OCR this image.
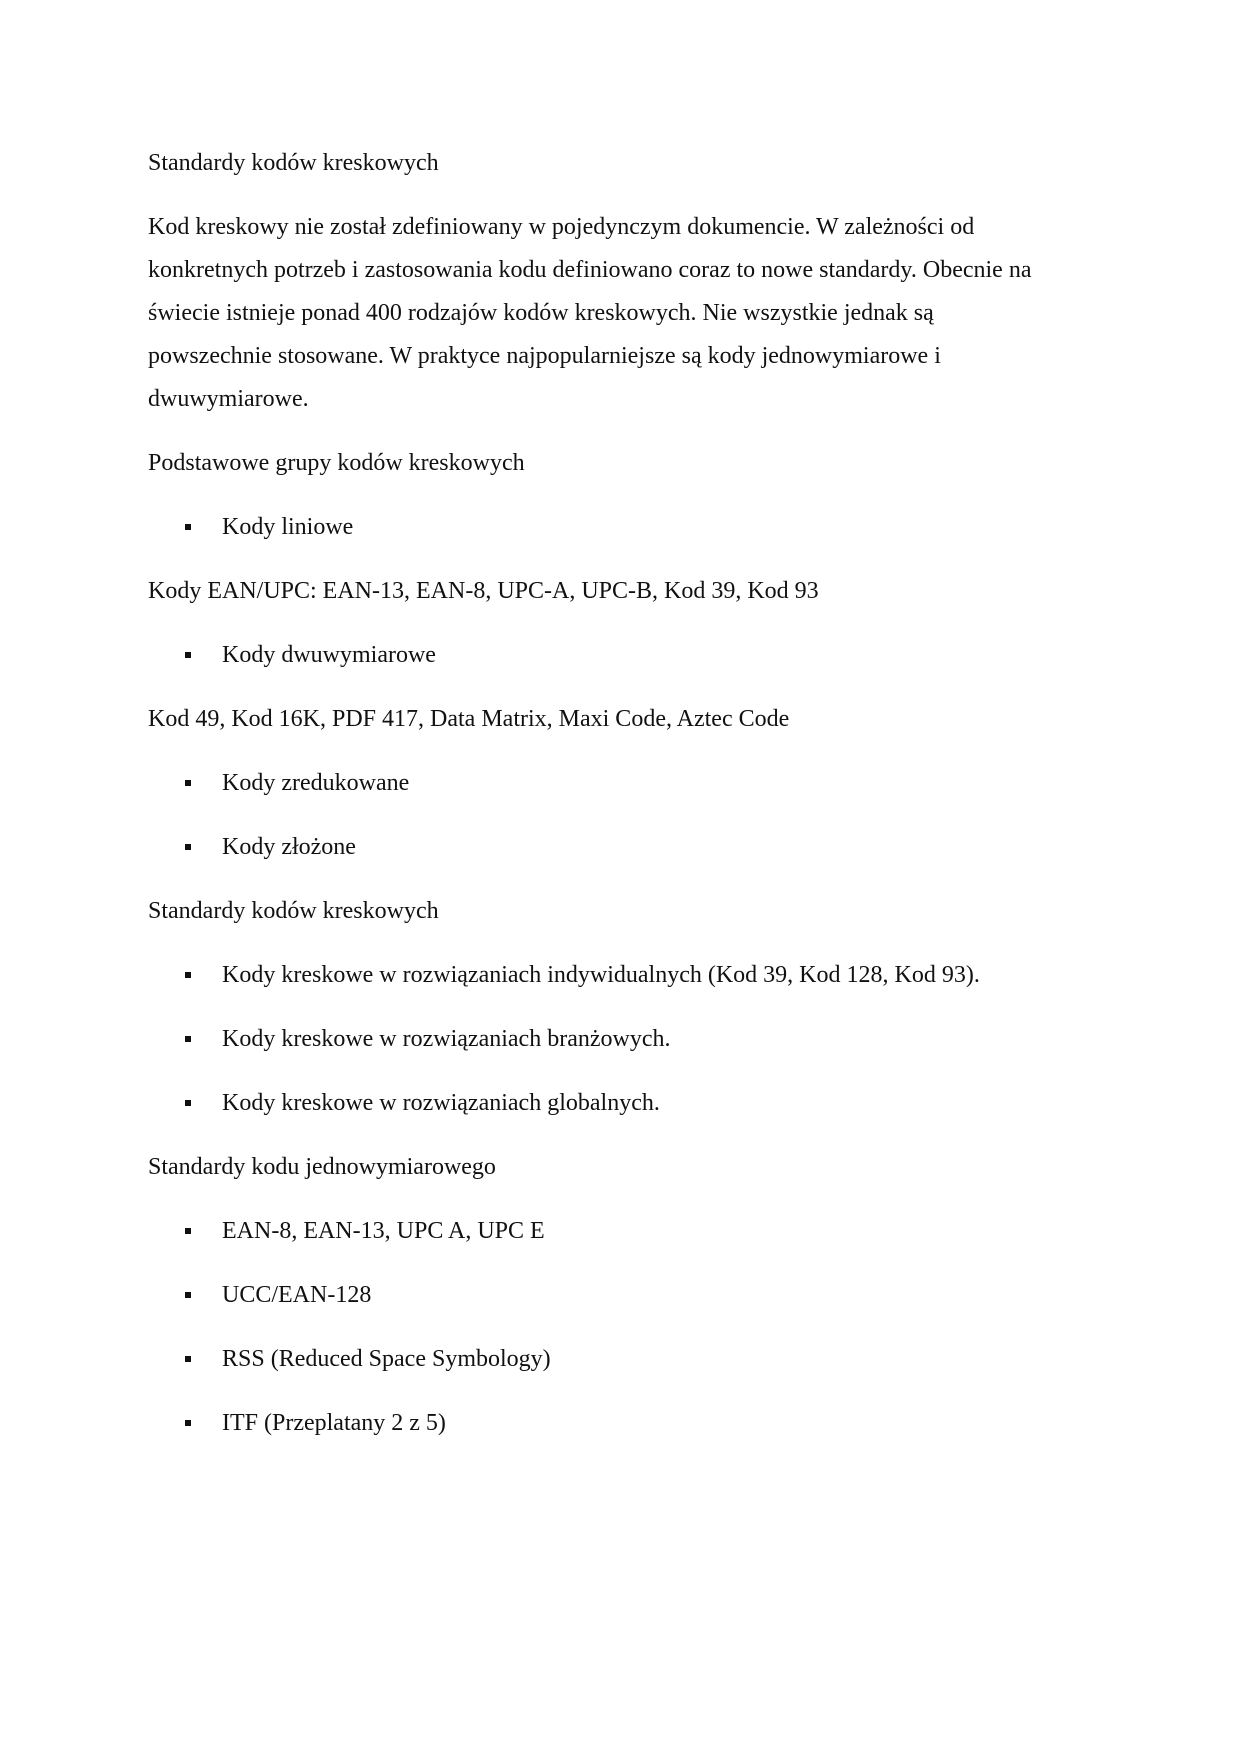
Standardy kodów kreskowych

Kod kreskowy nie został zdefiniowany w pojedynczym dokumencie. W zależności od

konkretnych potrzeb i zastosowania kodu definiowano coraz to nowe standardy. Obecnie na

świecie istnieje ponad 400 rodzajów kodów kreskowych. Nie wszystkie jednak są

powszechnie stosowane. W praktyce najpopularniejsze są kody jednowymiarowe i

dwuwymiarowe.

Podstawowe grupy kodów kreskowych

Kody liniowe

Kody EAN/UPC: EAN-13, EAN-8, UPC-A, UPC-B, Kod 39, Kod 93

Kody dwuwymiarowe

Kod 49, Kod 16K, PDF 417, Data Matrix, Maxi Code, Aztec Code

Kody zredukowane
Kody złożone

Standardy kodów kreskowych

Kody kreskowe w rozwiązaniach indywidualnych (Kod 39, Kod 128, Kod 93).
Kody kreskowe w rozwiązaniach branżowych.
Kody kreskowe w rozwiązaniach globalnych.

Standardy kodu jednowymiarowego

EAN-8, EAN-13, UPC A, UPC E
UCC/EAN-128
RSS (Reduced Space Symbology)
ITF (Przeplatany 2 z 5)
